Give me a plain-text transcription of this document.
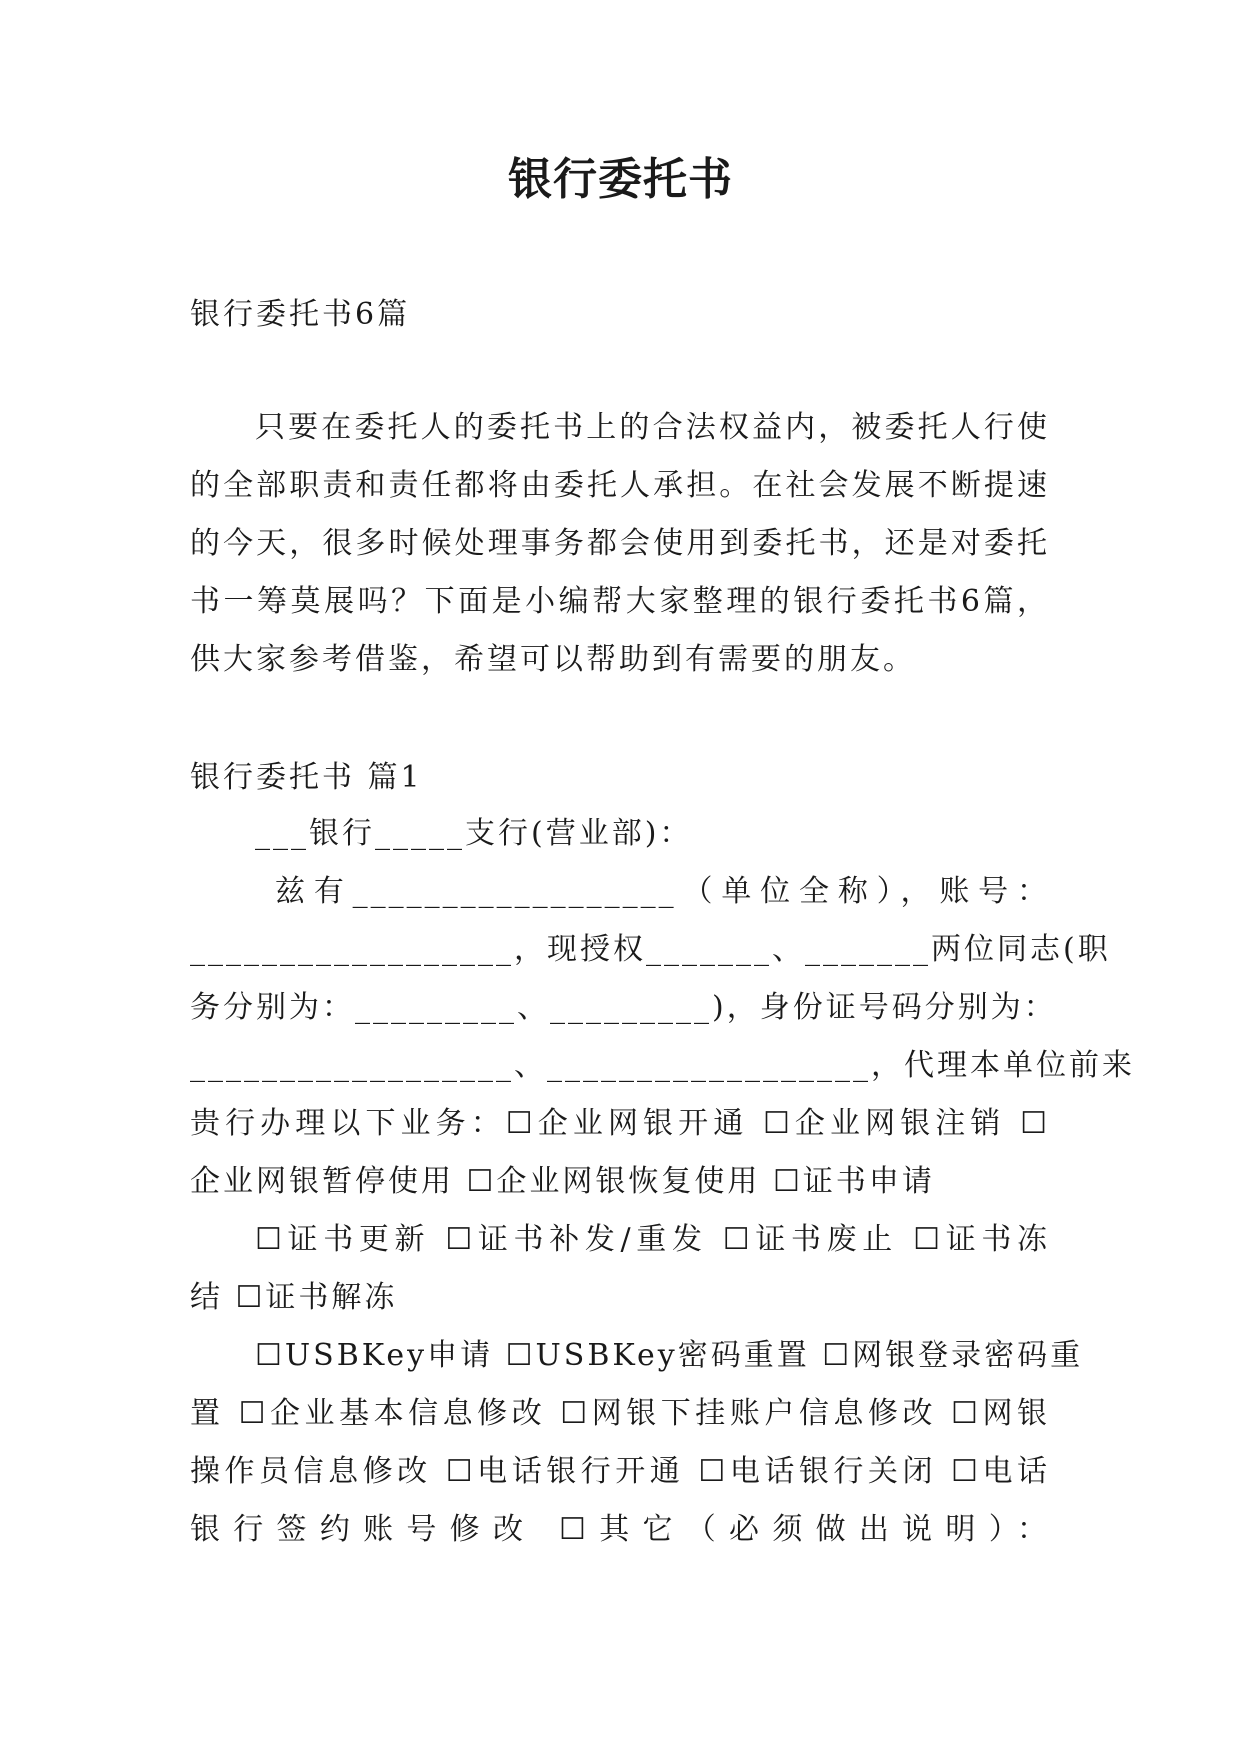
银行委托书
银行委托书6篇
只要在委托人的委托书上的合法权益内，被委托人行使
的全部职责和责任都将由委托人承担。在社会发展不断提速
的今天，很多时候处理事务都会使用到委托书，还是对委托
书一筹莫展吗？下面是小编帮大家整理的银行委托书6篇，
供大家参考借鉴，希望可以帮助到有需要的朋友。
银行委托书 篇1
___银行_____支行(营业部)：
兹有__________________（单位全称），账号：
__________________，现授权_______、_______两位同志(职
务分别为：_________、_________)，身份证号码分别为：
__________________、__________________，代理本单位前来
贵行办理以下业务：☐企业网银开通 ☐企业网银注销 ☐
企业网银暂停使用 ☐企业网银恢复使用 ☐证书申请
☐证书更新 ☐证书补发/重发 ☐证书废止 ☐证书冻
结 ☐证书解冻
☐USBKey申请 ☐USBKey密码重置 ☐网银登录密码重
置 ☐企业基本信息修改 ☐网银下挂账户信息修改 ☐网银
操作员信息修改 ☐电话银行开通 ☐电话银行关闭 ☐电话
银行签约账号修改 ☐其它（必须做出说明）：
